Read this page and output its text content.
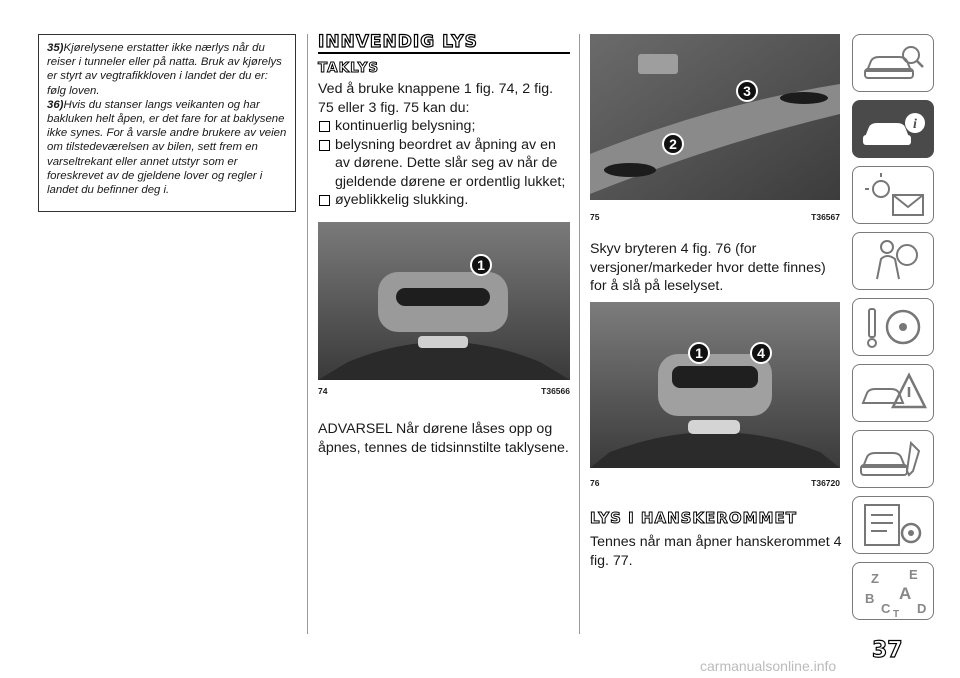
35)Kjørelysene erstatter ikke nærlys når du reiser i tunneler eller på natta. Bruk av kjørelys er styrt av vegtrafikkloven i landet der du er: følg loven.
36)Hvis du stanser langs veikanten og har bakluken helt åpen, er det fare for at baklysene ikke synes. For å varsle andre brukere av veien om tilstedeværelsen av bilen, sett frem en varseltrekant eller annet utstyr som er foreskrevet av de gjeldene lover og regler i landet du befinner deg i.
INNVENDIG LYS
TAKLYS
Ved å bruke knappene 1 fig. 74, 2 fig. 75 eller 3 fig. 75 kan du:
kontinuerlig belysning;
belysning beordret av åpning av en av dørene. Dette slår seg av når de gjeldende dørene er ordentlig lukket;
øyeblikkelig slukking.
1
74	T36566
ADVARSEL Når dørene låses opp og åpnes, tennes de tidsinnstilte taklysene.
3
2
75	T36567
Skyv bryteren 4 fig. 76 (for versjoner/markeder hvor dette finnes) for å slå på leselyset.
1	4
76	T36720
LYS I HANSKEROMMET
Tennes når man åpner hanskerommet 4 fig. 77.
i
Z E
A
B
C D
T
37
carmanualsonline.info
